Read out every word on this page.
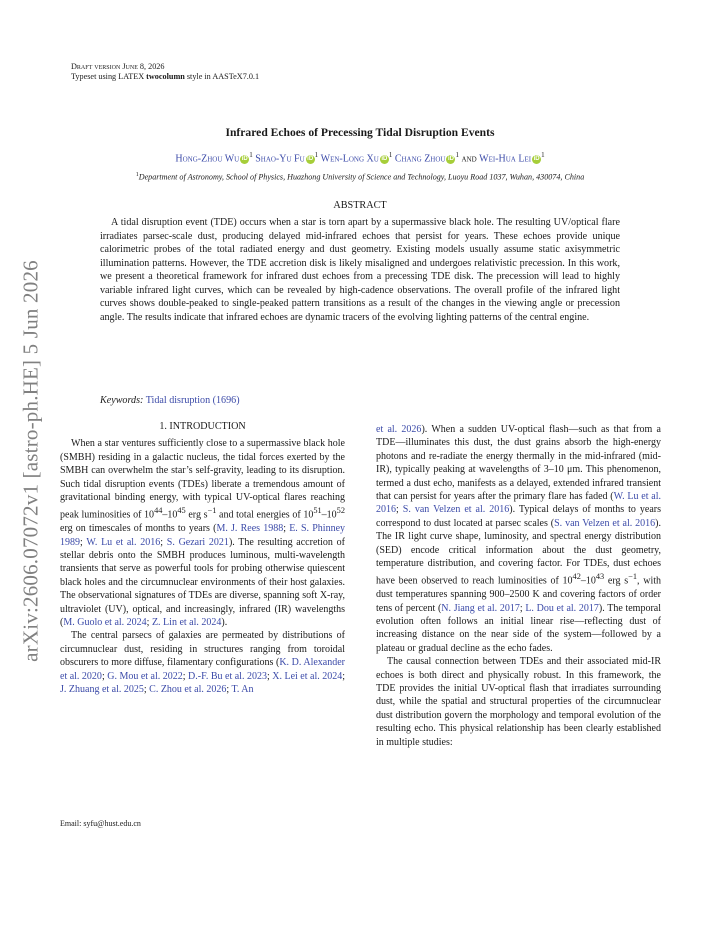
Draft version June 8, 2026
Typeset using LATEX twocolumn style in AASTeX7.0.1
arXiv:2606.07072v1 [astro-ph.HE] 5 Jun 2026
Infrared Echoes of Precessing Tidal Disruption Events
Hong-Zhou Wu $iD^1$ Shao-Yu Fu $iD^1$ Wen-Long Xu $iD^1$ Chang Zhou $iD^1$ and Wei-Hua Lei $iD^1$
$^1$Department of Astronomy, School of Physics, Huazhong University of Science and Technology, Luoyu Road 1037, Wuhan, 430074, China
ABSTRACT
A tidal disruption event (TDE) occurs when a star is torn apart by a supermassive black hole. The resulting UV/optical flare irradiates parsec-scale dust, producing delayed mid-infrared echoes that persist for years. These echoes provide unique calorimetric probes of the total radiated energy and dust geometry. Existing models usually assume static axisymmetric illumination patterns. However, the TDE accretion disk is likely misaligned and undergoes relativistic precession. In this work, we present a theoretical framework for infrared dust echoes from a precessing TDE disk. The precession will lead to highly variable infrared light curves, which can be revealed by high-cadence observations. The overall profile of the infrared light curves shows double-peaked to single-peaked pattern transitions as a result of the changes in the viewing angle or precession angle. The results indicate that infrared echoes are dynamic tracers of the evolving lighting patterns of the central engine.
Keywords: Tidal disruption (1696)
1. INTRODUCTION

When a star ventures sufficiently close to a supermassive black hole (SMBH) residing in a galactic nucleus, the tidal forces exerted by the SMBH can overwhelm the star’s self-gravity, leading to its disruption. Such tidal disruption events (TDEs) liberate a tremendous amount of gravitational binding energy, with typical UV-optical flares reaching peak luminosities of $10^{44}-10^{45}$ erg $s^{-1}$ and total energies of $10^{51}-10^{52}$ erg on timescales of months to years (M. J. Rees 1988; E. S. Phinney 1989; W. Lu et al. 2016; S. Gezari 2021). The resulting accretion of stellar debris onto the SMBH produces luminous, multi-wavelength transients that serve as powerful tools for probing otherwise quiescent black holes and the circumnuclear environments of their host galaxies. The observational signatures of TDEs are diverse, spanning soft X-ray, ultraviolet (UV), optical, and increasingly, infrared (IR) wavelengths (M. Guolo et al. 2024; Z. Lin et al. 2024).

The central parsecs of galaxies are permeated by distributions of circumnuclear dust, residing in structures ranging from toroidal obscurers to more diffuse, filamentary configurations (K. D. Alexander et al. 2020; G. Mou et al. 2022; D.-F. Bu et al. 2023; X. Lei et al. 2024; J. Zhuang et al. 2025; C. Zhou et al. 2026; T. An

Email: syfu@hust.edu.cn

et al. 2026). When a sudden UV-optical flash—such as that from a TDE—illuminates this dust, the dust grains absorb the high-energy photons and re-radiate the energy thermally in the mid-infrared (mid-IR), typically peaking at wavelengths of 3–10 μm. This phenomenon, termed a dust echo, manifests as a delayed, extended infrared transient that can persist for years after the primary flare has faded (W. Lu et al. 2016; S. van Velzen et al. 2016). Typical delays of months to years correspond to dust located at parsec scales (S. van Velzen et al. 2016). The IR light curve shape, luminosity, and spectral energy distribution (SED) encode critical information about the dust geometry, temperature distribution, and covering factor. For TDEs, dust echoes have been observed to reach luminosities of $10^{42}-10^{43}$ erg $s^{-1}$, with dust temperatures spanning 900–2500 K and covering factors of order tens of percent (N. Jiang et al. 2017; L. Dou et al. 2017). The temporal evolution often follows an initial linear rise—reflecting dust of increasing distance on the near side of the system—followed by a plateau or gradual decline as the echo fades.

The causal connection between TDEs and their associated mid-IR echoes is both direct and physically robust. In this framework, the TDE provides the initial UV-optical flash that irradiates surrounding dust, while the spatial and structural properties of the circumnuclear dust distribution govern the morphology and temporal evolution of the resulting echo. This physical relationship has been clearly established in multiple studies:
